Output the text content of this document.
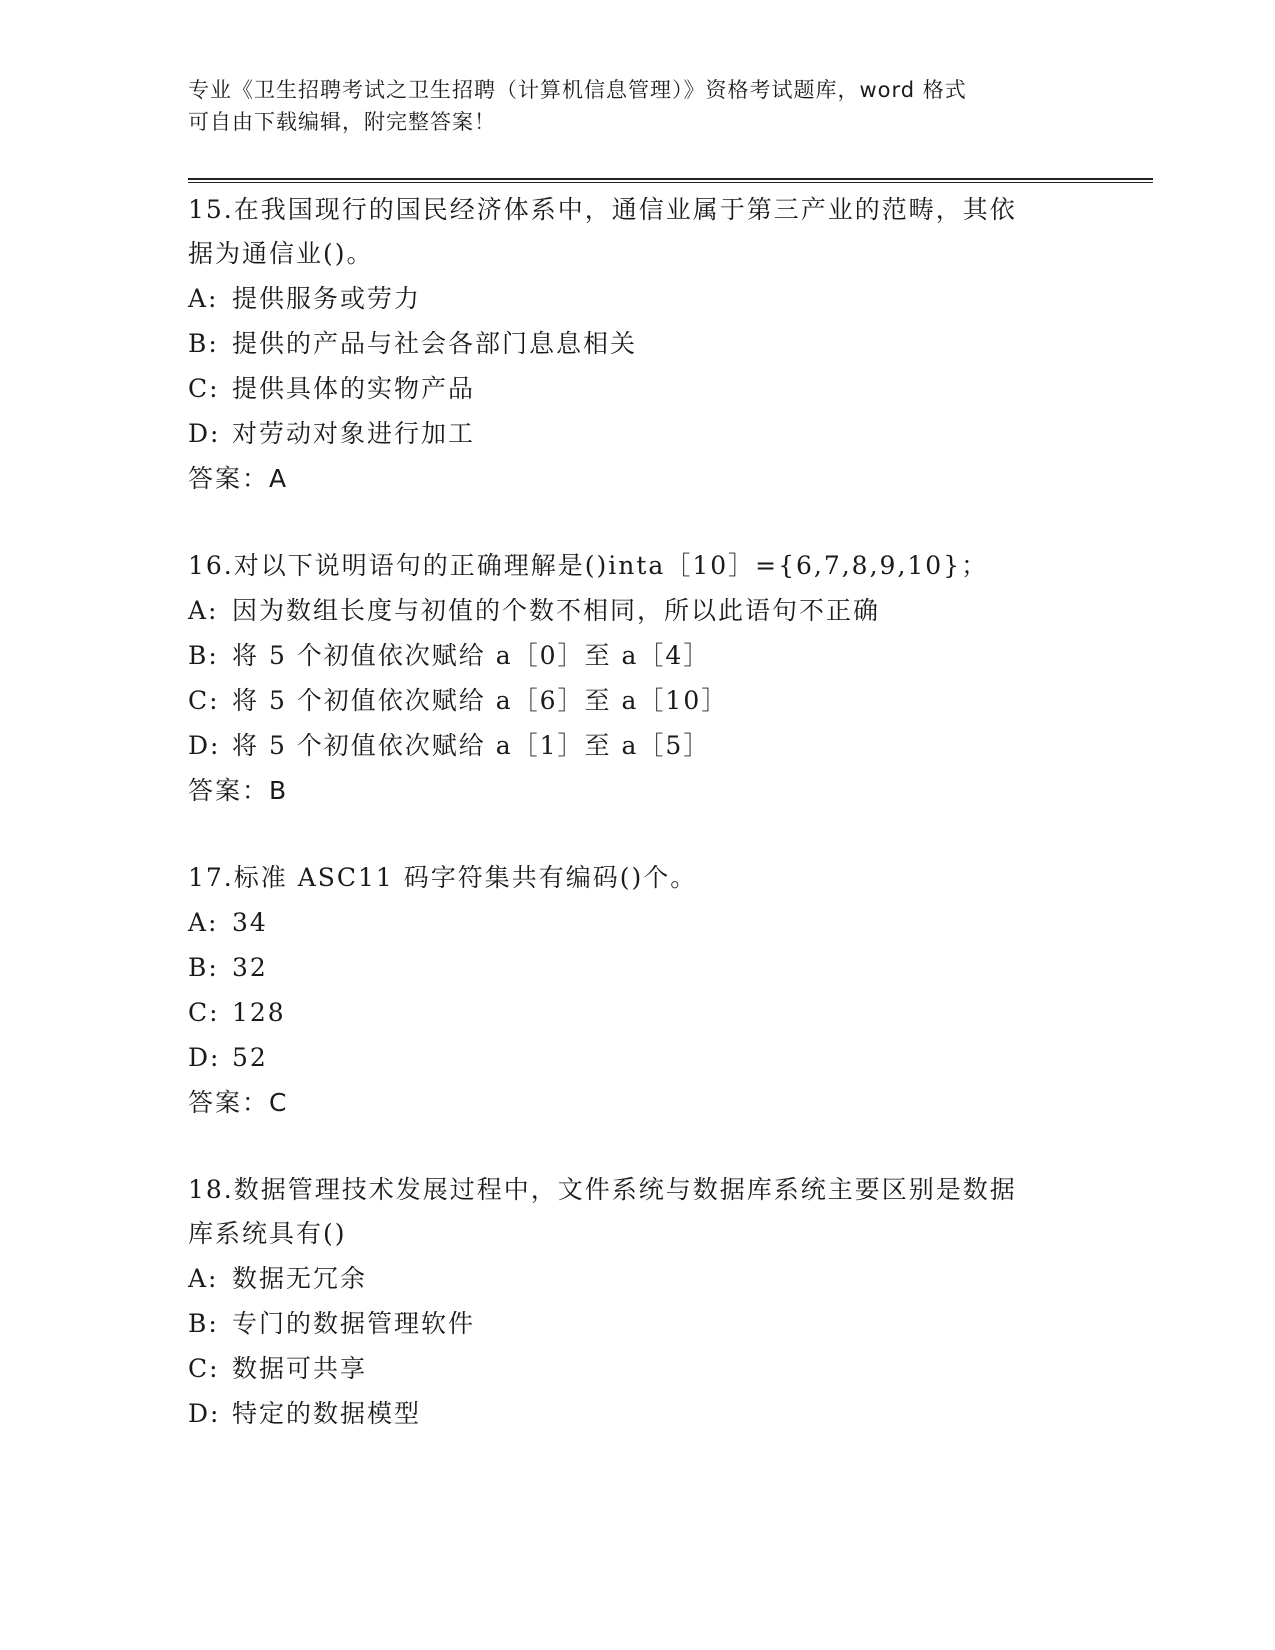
专业《卫生招聘考试之卫生招聘（计算机信息管理）》资格考试题库，word 格式
可自由下载编辑，附完整答案！

15.在我国现行的国民经济体系中，通信业属于第三产业的范畴，其依

据为通信业()。

A: 提供服务或劳力

B: 提供的产品与社会各部门息息相关

C: 提供具体的实物产品

D: 对劳动对象进行加工

答案：A

16.对以下说明语句的正确理解是()inta［10］={6,7,8,9,10}；

A: 因为数组长度与初值的个数不相同，所以此语句不正确

B: 将 5 个初值依次赋给 a［0］至 a［4］

C: 将 5 个初值依次赋给 a［6］至 a［10］

D: 将 5 个初值依次赋给 a［1］至 a［5］

答案：B

17.标准 ASC11 码字符集共有编码()个。

A: 34

B: 32

C: 128

D: 52

答案：C

18.数据管理技术发展过程中，文件系统与数据库系统主要区别是数据

库系统具有()

A: 数据无冗余

B: 专门的数据管理软件

C: 数据可共享

D: 特定的数据模型
